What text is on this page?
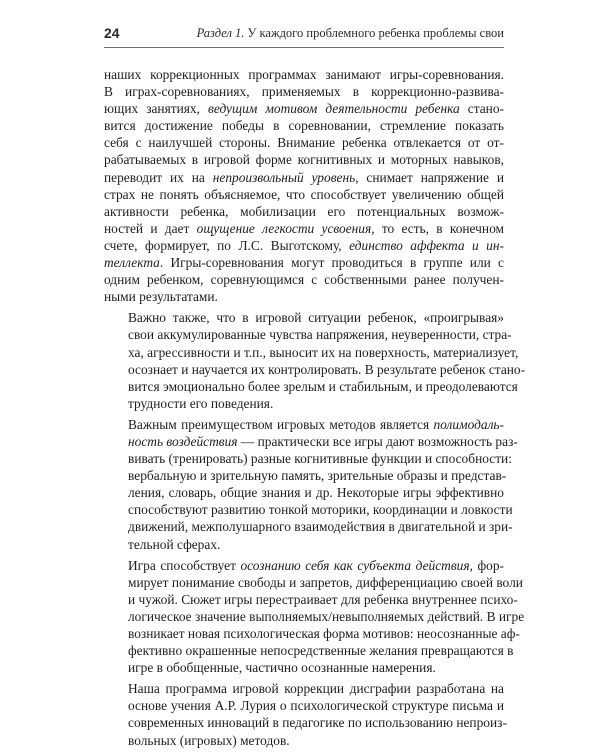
24	Раздел 1. У каждого проблемного ребенка проблемы свои

наших коррекционных программах занимают игры-соревнования.
В играх-соревнованиях, применяемых в коррекционно-развива-
ющих занятиях, ведущим мотивом деятельности ребенка стано-
вится достижение победы в соревновании, стремление показать
себя с наилучшей стороны. Внимание ребенка отвлекается от от-
рабатываемых в игровой форме когнитивных и моторных навыков,
переводит их на непроизвольный уровень, снимает напряжение и
страх не понять объясняемое, что способствует увеличению общей
активности ребенка, мобилизации его потенциальных возмож-
ностей и дает ощущение легкости усвоения, то есть, в конечном
счете, формирует, по Л.С. Выготскому, единство аффекта и ин-
теллекта. Игры-соревнования могут проводиться в группе или с
одним ребенком, соревнующимся с собственными ранее получен-
ными результатами.

Важно также, что в игровой ситуации ребенок, «проигрывая»
свои аккумулированные чувства напряжения, неуверенности, стра-
ха, агрессивности и т.п., выносит их на поверхность, материализует,
осознает и научается их контролировать. В результате ребенок стано-
вится эмоционально более зрелым и стабильным, и преодолеваются
трудности его поведения.

Важным преимуществом игровых методов является полимодаль-
ность воздействия — практически все игры дают возможность раз-
вивать (тренировать) разные когнитивные функции и способности:
вербальную и зрительную память, зрительные образы и представ-
ления, словарь, общие знания и др. Некоторые игры эффективно
способствуют развитию тонкой моторики, координации и ловкости
движений, межполушарного взаимодействия в двигательной и зри-
тельной сферах.

Игра способствует осознанию себя как субъекта действия, фор-
мирует понимание свободы и запретов, дифференциацию своей воли
и чужой. Сюжет игры перестраивает для ребенка внутреннее психо-
логическое значение выполняемых/невыполняемых действий. В игре
возникает новая психологическая форма мотивов: неосознанные аф-
фективно окрашенные непосредственные желания превращаются в
игре в обобщенные, частично осознанные намерения.

Наша программа игровой коррекции дисграфии разработана на
основе учения А.Р. Лурия о психологической структуре письма и
современных инноваций в педагогике по использованию непроиз-
вольных (игровых) методов.
